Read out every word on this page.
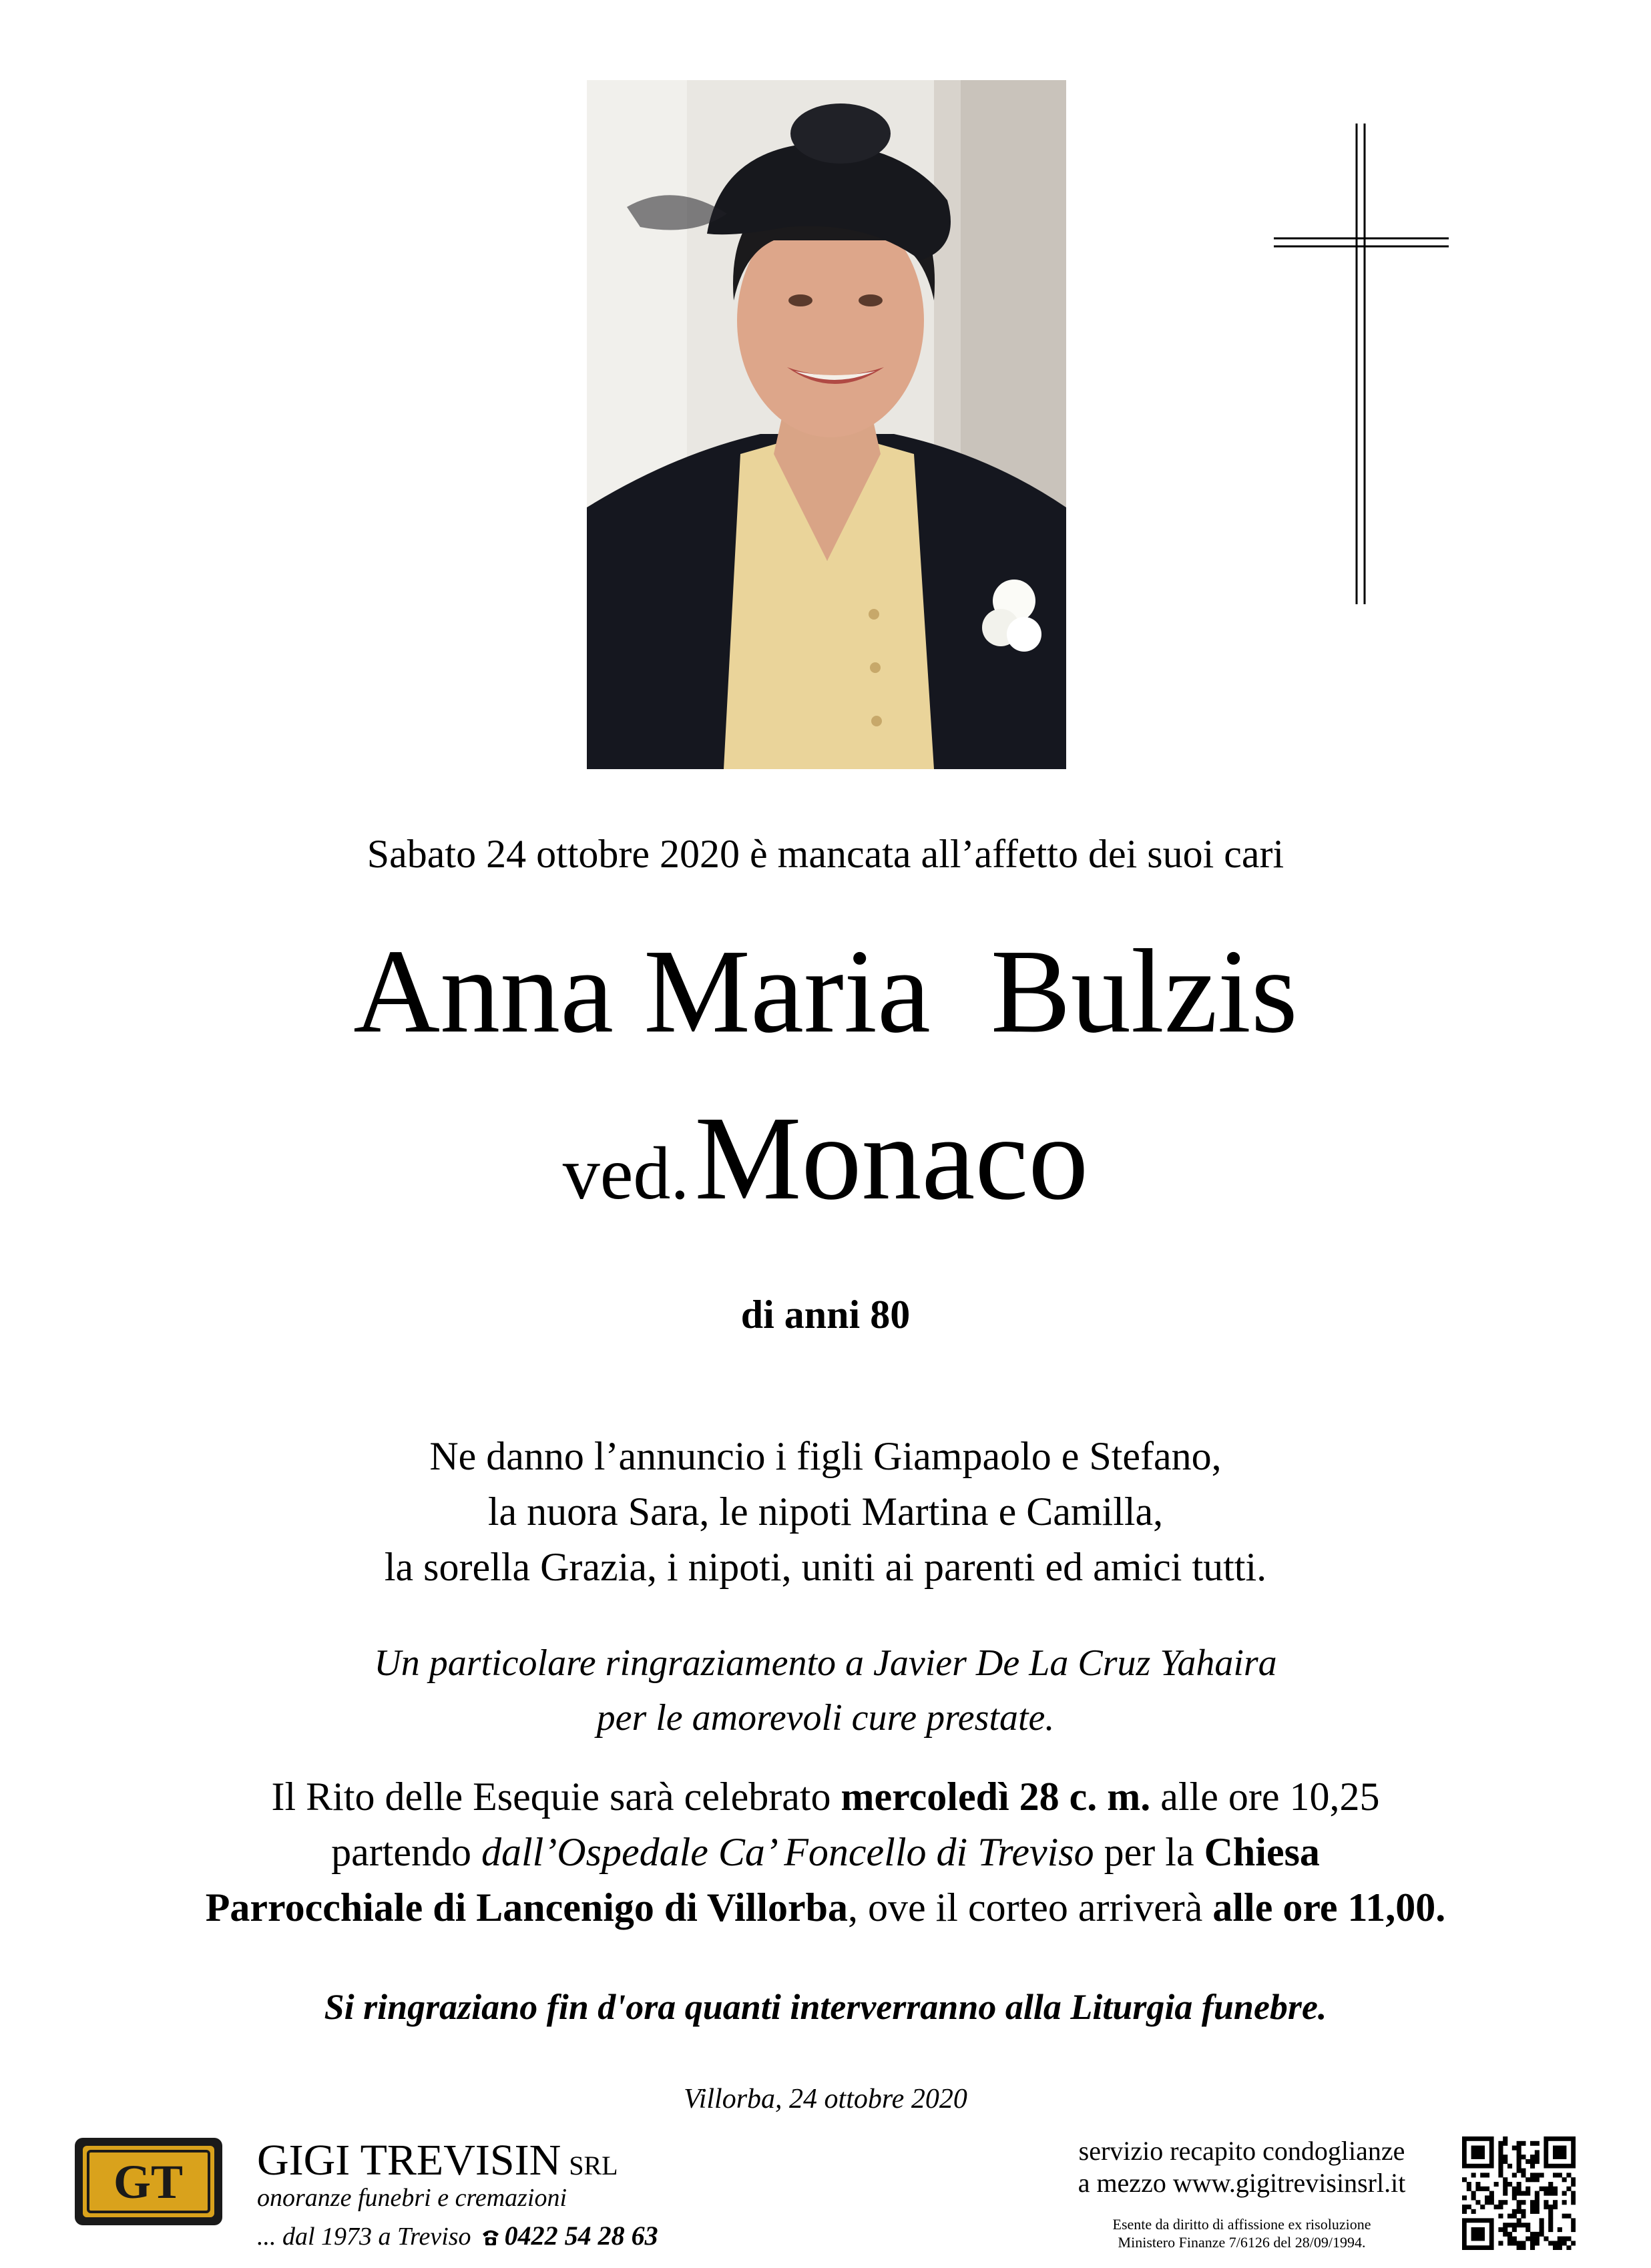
Sabato 24 ottobre 2020 è mancata all’affetto dei suoi cari
Anna Maria  Bulzis
ved.  Monaco
di anni 80
Ne danno l’annuncio i figli Giampaolo e Stefano,
la nuora Sara, le nipoti Martina e Camilla,
la sorella Grazia, i nipoti, uniti ai parenti ed amici tutti.
Un particolare ringraziamento a Javier De La Cruz Yahaira
per le amorevoli cure prestate.
Il Rito delle Esequie sarà celebrato mercoledì 28 c. m. alle ore 10,25
partendo dall’Ospedale Ca’ Foncello di Treviso per la Chiesa
Parrocchiale di Lancenigo di Villorba, ove il corteo arriverà alle ore 11,00.
Si ringraziano fin d'ora quanti interverranno alla Liturgia funebre.
Villorba, 24 ottobre 2020
GT GIGI TREVISIN SRL
onoranze funebri e cremazioni
... dal 1973 a Treviso 0422 54 28 63
servizio recapito condoglianze
a mezzo www.gigitrevisinsrl.it
Esente da diritto di affissione ex risoluzione
Ministero Finanze 7/6126 del 28/09/1994.
